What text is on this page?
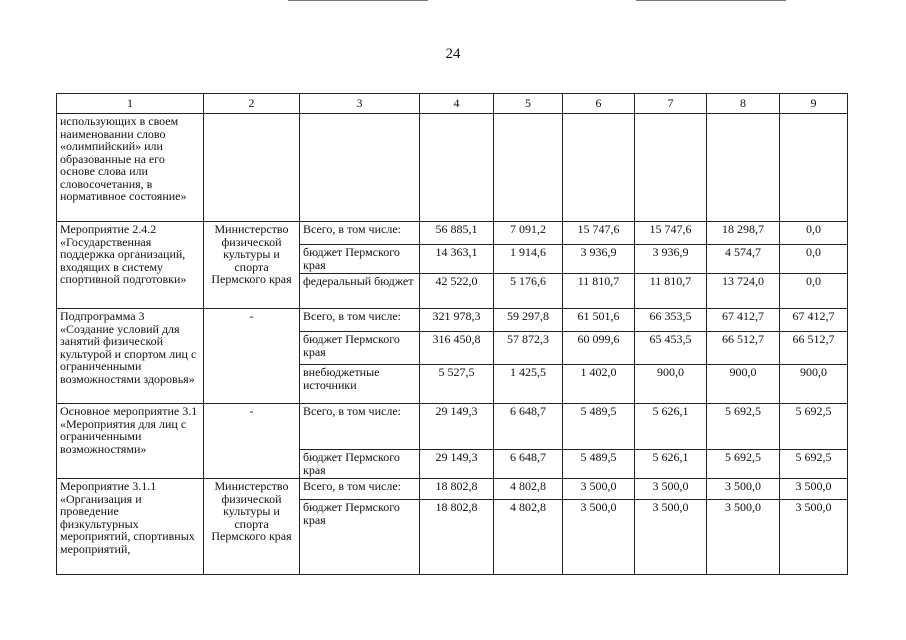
24
1	2	3	4	5	6	7	8	9
использующих в своем наименовании слово «олимпийский» или образованные на его основе слова или словосочетания, в нормативное состояние»								
Мероприятие 2.4.2 «Государственная поддержка организаций, входящих в систему спортивной подготовки»	Министерство физической культуры и спорта Пермского края	Всего, в том числе:	56 885,1	7 091,2	15 747,6	15 747,6	18 298,7	0,0
		бюджет Пермского края	14 363,1	1 914,6	3 936,9	3 936,9	4 574,7	0,0
		федеральный бюджет	42 522,0	5 176,6	11 810,7	11 810,7	13 724,0	0,0
Подпрограмма 3 «Создание условий для занятий физической культурой и спортом лиц с ограниченными возможностями здоровья»	-	Всего, в том числе:	321 978,3	59 297,8	61 501,6	66 353,5	67 412,7	67 412,7
		бюджет Пермского края	316 450,8	57 872,3	60 099,6	65 453,5	66 512,7	66 512,7
		внебюджетные источники	5 527,5	1 425,5	1 402,0	900,0	900,0	900,0
Основное мероприятие 3.1 «Мероприятия для лиц с ограниченными возможностями»	-	Всего, в том числе:	29 149,3	6 648,7	5 489,5	5 626,1	5 692,5	5 692,5
		бюджет Пермского края	29 149,3	6 648,7	5 489,5	5 626,1	5 692,5	5 692,5
Мероприятие 3.1.1 «Организация и проведение физкультурных мероприятий, спортивных мероприятий,	Министерство физической культуры и спорта Пермского края	Всего, в том числе:	18 802,8	4 802,8	3 500,0	3 500,0	3 500,0	3 500,0
		бюджет Пермского края	18 802,8	4 802,8	3 500,0	3 500,0	3 500,0	3 500,0
